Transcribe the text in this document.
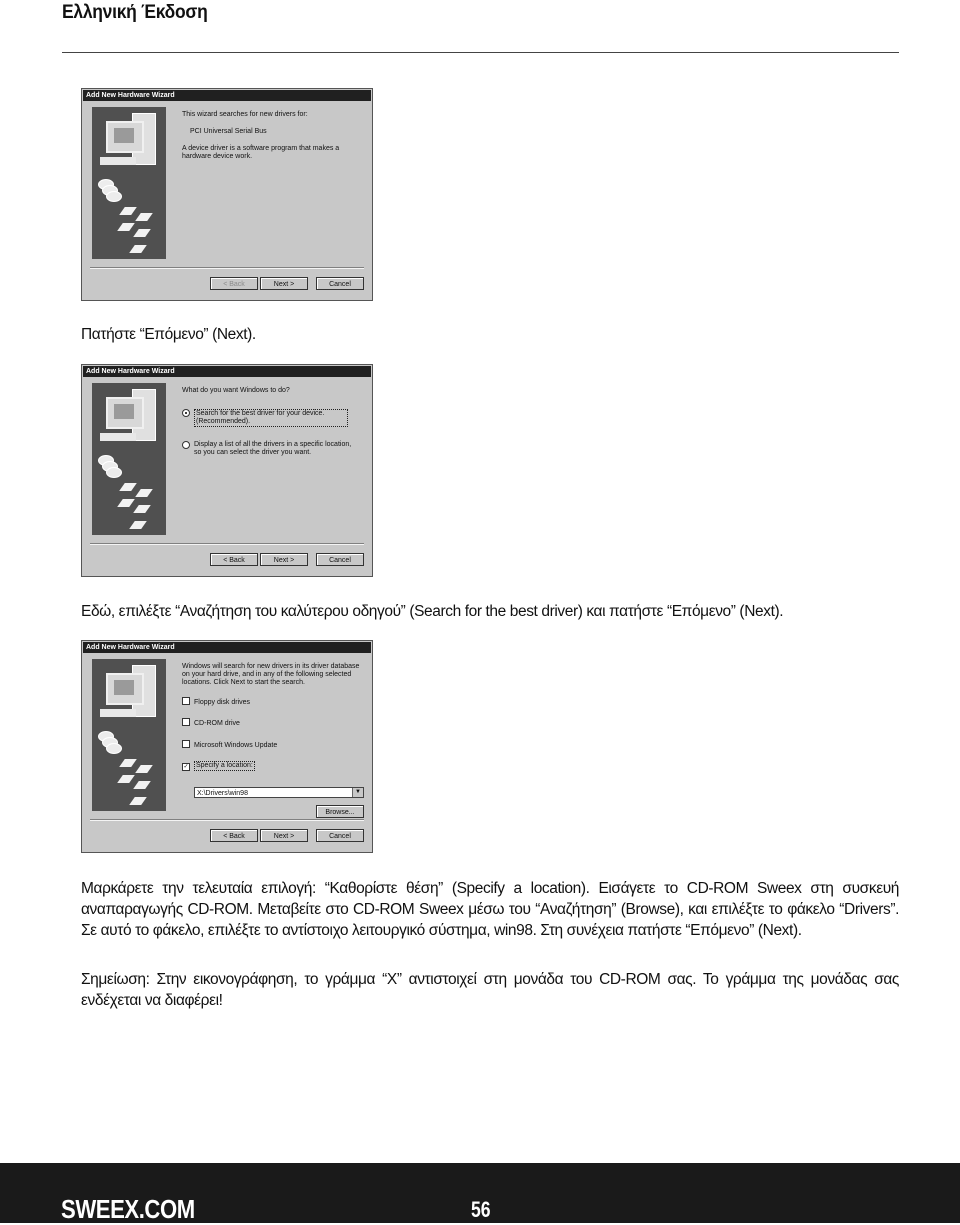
Ελληνική Έκδοση
Add New Hardware Wizard

This wizard searches for new drivers for:

PCI Universal Serial Bus

A device driver is a software program that makes a hardware device work.

< Back	Next >	Cancel
Πατήστε “Επόμενο” (Next).
Add New Hardware Wizard

What do you want Windows to do?

Search for the best driver for your device. (Recommended).
Display a list of all the drivers in a specific location, so you can select the driver you want.
< Back	Next >	Cancel
Εδώ, επιλέξτε “Αναζήτηση του καλύτερου οδηγού” (Search for the best driver) και πατήστε “Επόμενο” (Next).
Add New Hardware Wizard

Windows will search for new drivers in its driver database on your hard drive, and in any of the following selected locations. Click Next to start the search.

Floppy disk drives
CD-ROM drive
Microsoft Windows Update
✓ Specify a location:
X:\Drivers\win98	▼
Browse...
< Back	Next >	Cancel
Μαρκάρετε την τελευταία επιλογή: “Καθορίστε θέση” (Specify a location). Εισάγετε το CD-ROM Sweex στη συσκευή αναπαραγωγής CD-ROM. Μεταβείτε στο CD-ROM Sweex μέσω του “Αναζήτηση” (Browse), και επιλέξτε το φάκελο “Drivers”. Σε αυτό το φάκελο, επιλέξτε το αντίστοιχο λειτουργικό σύστημα, win98. Στη συνέχεια πατήστε “Επόμενο” (Next).
Σημείωση: Στην εικονογράφηση, το γράμμα “X” αντιστοιχεί στη μονάδα του CD-ROM σας. Το γράμμα της μονάδας σας ενδέχεται να διαφέρει!
SWEEX.COM	56
